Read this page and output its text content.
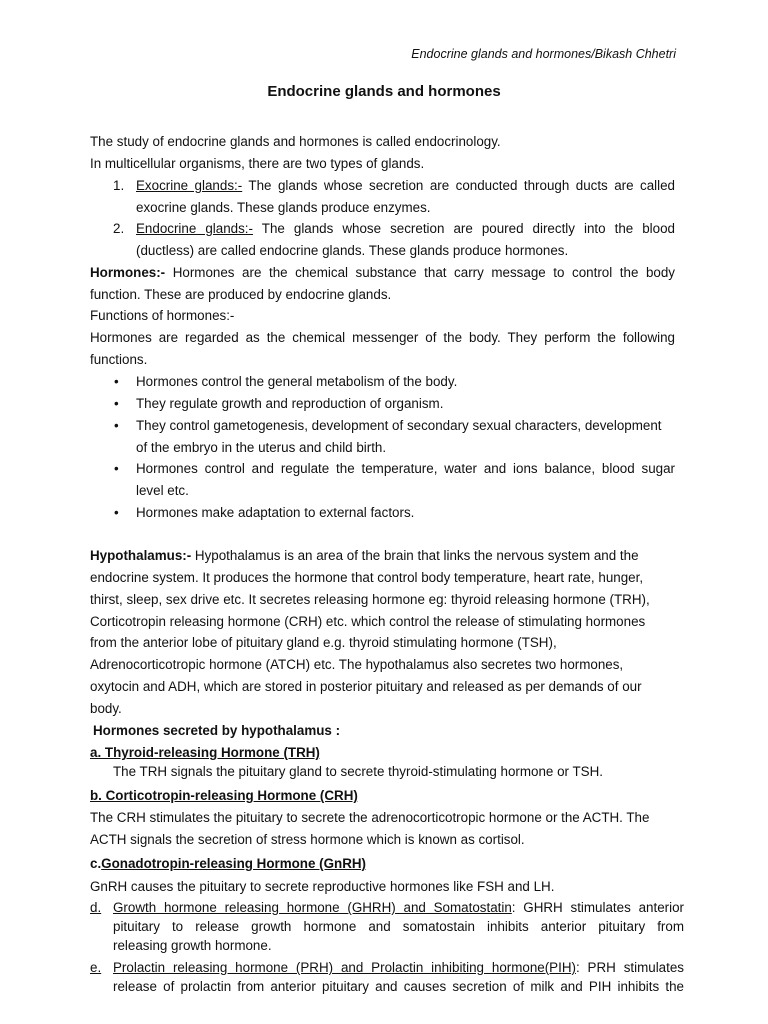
Endocrine glands and hormones/Bikash Chhetri
Endocrine glands and hormones
The study of endocrine glands and hormones is called endocrinology.
In multicellular organisms, there are two types of glands.
1. Exocrine glands:- The glands whose secretion are conducted through ducts are called
exocrine glands. These glands produce enzymes.
2. Endocrine glands:- The glands whose secretion are poured directly into the blood
(ductless) are called endocrine glands. These glands produce hormones.
Hormones:- Hormones are the chemical substance that carry message to control the body
function. These are produced by endocrine glands.
Functions of hormones:-
Hormones are regarded as the chemical messenger of the body. They perform the following
functions.
• Hormones control the general metabolism of the body.
• They regulate growth and reproduction of organism.
• They control gametogenesis, development of secondary sexual characters, development
of the embryo in the uterus and child birth.
• Hormones control and regulate the temperature, water and ions balance, blood sugar
level etc.
• Hormones make adaptation to external factors.
Hypothalamus:- Hypothalamus is an area of the brain that links the nervous system and the
endocrine system. It produces the hormone that control body temperature, heart rate, hunger,
thirst, sleep, sex drive etc. It secretes releasing hormone eg: thyroid releasing hormone (TRH),
Corticotropin releasing hormone (CRH) etc. which control the release of stimulating hormones
from the anterior lobe of pituitary gland e.g. thyroid stimulating hormone (TSH),
Adrenocorticotropic hormone (ATCH) etc. The hypothalamus also secretes two hormones,
oxytocin and ADH, which are stored in posterior pituitary and released as per demands of our
body.
Hormones secreted by hypothalamus :
a. Thyroid-releasing Hormone (TRH)
The TRH signals the pituitary gland to secrete thyroid-stimulating hormone or TSH.
b. Corticotropin-releasing Hormone (CRH)
The CRH stimulates the pituitary to secrete the adrenocorticotropic hormone or the ACTH. The
ACTH signals the secretion of stress hormone which is known as cortisol.
c.Gonadotropin-releasing Hormone (GnRH)
GnRH causes the pituitary to secrete reproductive hormones like FSH and LH.
d. Growth hormone releasing hormone (GHRH) and Somatostatin: GHRH stimulates anterior
pituitary to release growth hormone and somatostain inhibits anterior pituitary from
releasing growth hormone.
e. Prolactin releasing hormone (PRH) and Prolactin inhibiting hormone(PIH): PRH stimulates
release of prolactin from anterior pituitary and causes secretion of milk and PIH inhibits the
